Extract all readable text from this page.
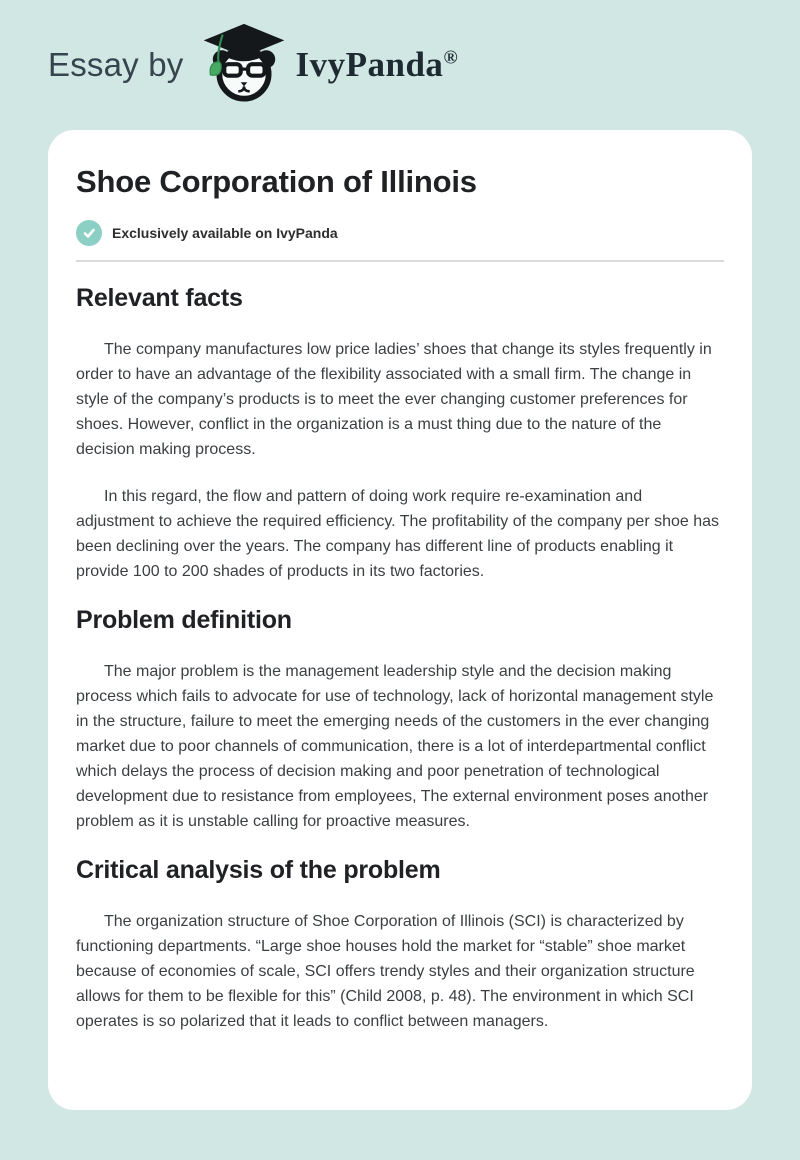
Essay by	IvyPanda®
Shoe Corporation of Illinois
Exclusively available on IvyPanda
Relevant facts

The company manufactures low price ladies’ shoes that change its styles frequently in order to have an advantage of the flexibility associated with a small firm. The change in style of the company’s products is to meet the ever changing customer preferences for shoes. However, conflict in the organization is a must thing due to the nature of the decision making process.

In this regard, the flow and pattern of doing work require re-examination and adjustment to achieve the required efficiency. The profitability of the company per shoe has been declining over the years. The company has different line of products enabling it provide 100 to 200 shades of products in its two factories.

Problem definition

The major problem is the management leadership style and the decision making process which fails to advocate for use of technology, lack of horizontal management style in the structure, failure to meet the emerging needs of the customers in the ever changing market due to poor channels of communication, there is a lot of interdepartmental conflict which delays the process of decision making and poor penetration of technological development due to resistance from employees, The external environment poses another problem as it is unstable calling for proactive measures.

Critical analysis of the problem

The organization structure of Shoe Corporation of Illinois (SCI) is characterized by functioning departments. “Large shoe houses hold the market for “stable” shoe market because of economies of scale, SCI offers trendy styles and their organization structure allows for them to be flexible for this” (Child 2008, p. 48). The environment in which SCI operates is so polarized that it leads to conflict between managers.
